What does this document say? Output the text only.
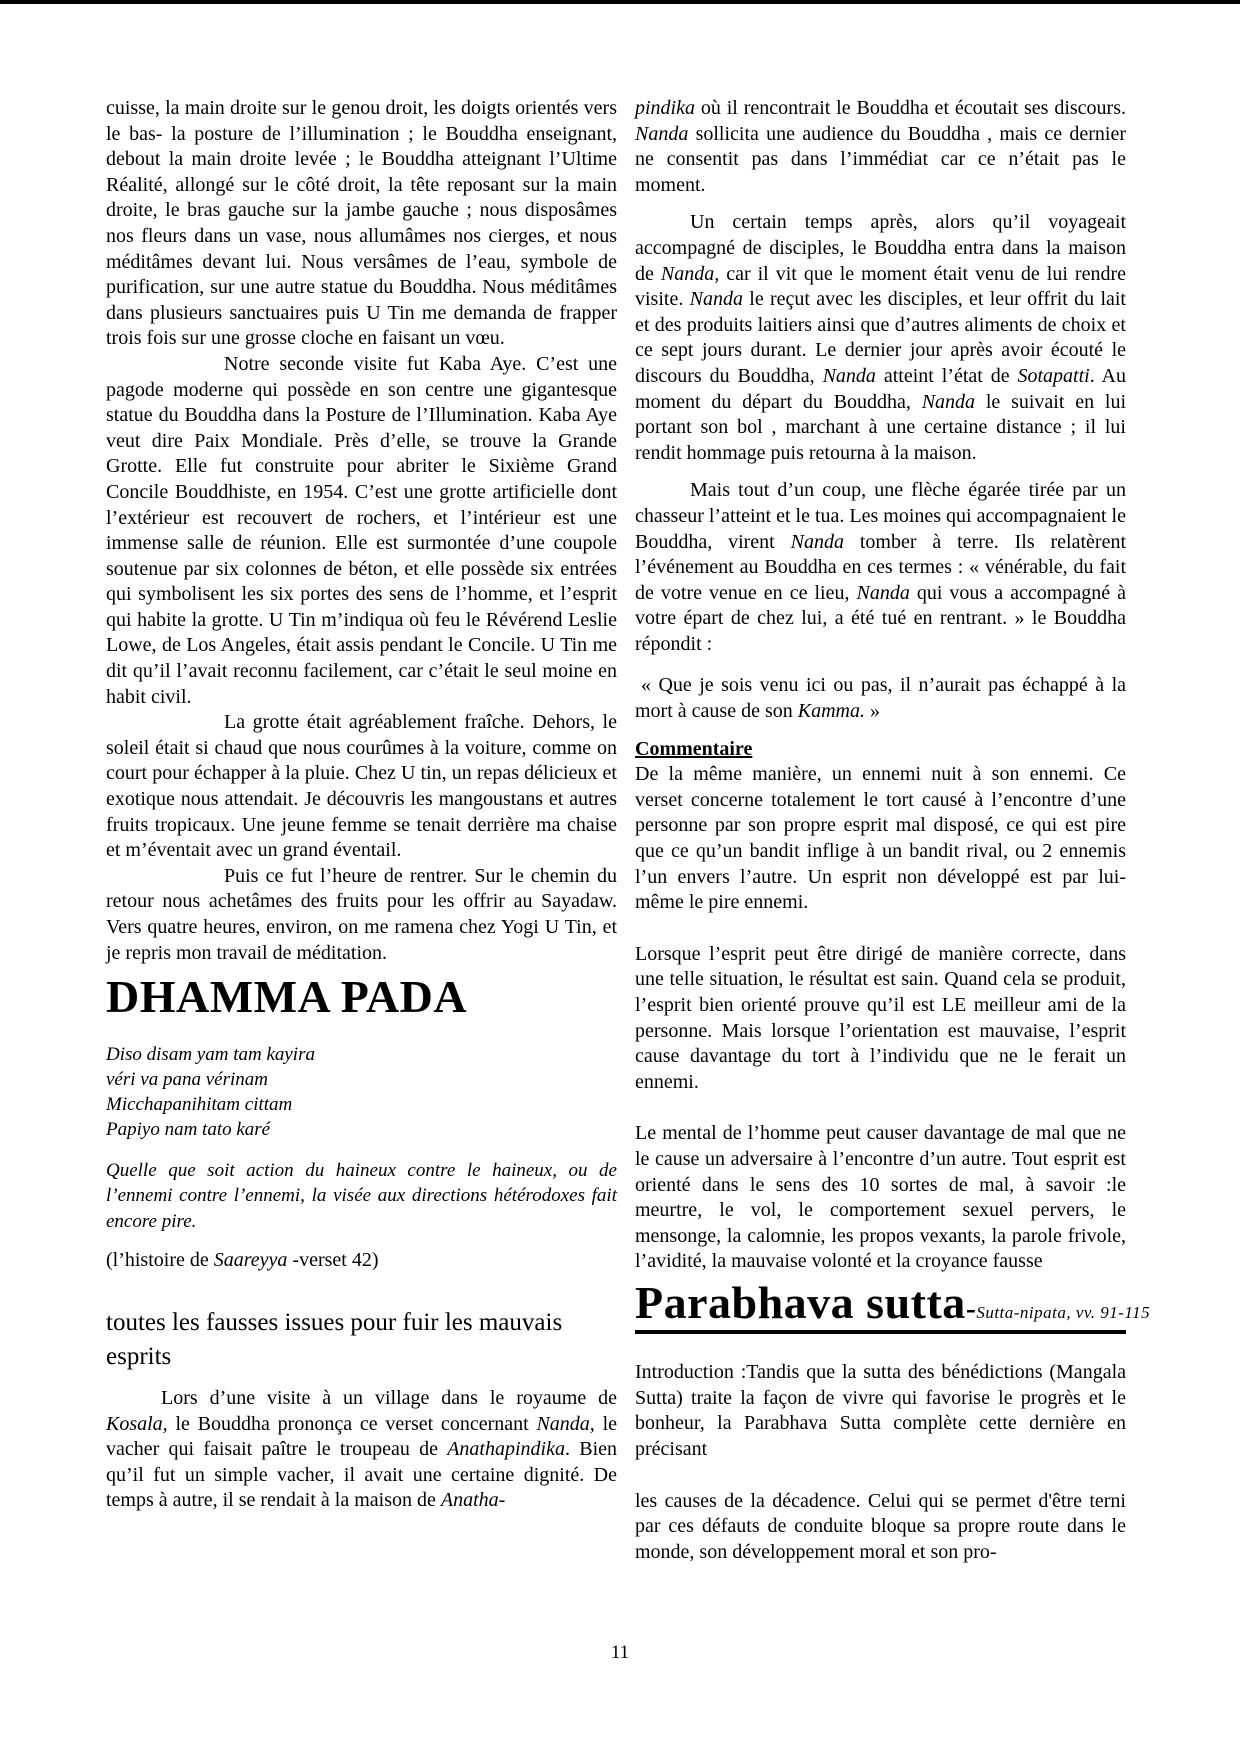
cuisse, la main droite sur le genou droit, les doigts orientés vers le bas- la posture de l’illumination ; le Bouddha enseignant, debout la main droite levée ; le Bouddha atteignant l’Ultime Réalité, allongé sur le côté droit, la tête reposant sur la main droite, le bras gauche sur la jambe gauche ; nous disposâmes nos fleurs dans un vase, nous allumâmes nos cierges, et nous méditâmes devant lui. Nous versâmes de l’eau, symbole de purification, sur une autre statue du Bouddha. Nous méditâmes dans plusieurs sanctuaires puis U Tin me demanda de frapper trois fois sur une grosse cloche en faisant un vœu.

Notre seconde visite fut Kaba Aye. C’est une pagode moderne qui possède en son centre une gigantesque statue du Bouddha dans la Posture de l’Illumination. Kaba Aye veut dire Paix Mondiale. Près d’elle, se trouve la Grande Grotte. Elle fut construite pour abriter le Sixième Grand Concile Bouddhiste, en 1954. C’est une grotte artificielle dont l’extérieur est recouvert de rochers, et l’intérieur est une immense salle de réunion. Elle est surmontée d’une coupole soutenue par six colonnes de béton, et elle possède six entrées qui symbolisent les six portes des sens de l’homme, et l’esprit qui habite la grotte. U Tin m’indiqua où feu le Révérend Leslie Lowe, de Los Angeles, était assis pendant le Concile. U Tin me dit qu’il l’avait reconnu facilement, car c’était le seul moine en habit civil.

La grotte était agréablement fraîche. Dehors, le soleil était si chaud que nous courûmes à la voiture, comme on court pour échapper à la pluie. Chez U tin, un repas délicieux et exotique nous attendait. Je découvris les mangoustans et autres fruits tropicaux. Une jeune femme se tenait derrière ma chaise et m’éventait avec un grand éventail.

Puis ce fut l’heure de rentrer. Sur le chemin du retour nous achetâmes des fruits pour les offrir au Sayadaw. Vers quatre heures, environ, on me ramena chez Yogi U Tin, et je repris mon travail de méditation.

DHAMMA PADA
Diso disam yam tam kayira
véri va pana vérinam
Micchapanihitam cittam
Papiyo nam tato karé

Quelle que soit action du haineux contre le haineux, ou de l’ennemi contre l’ennemi, la visée aux directions hétérodoxes fait encore pire.

(l’histoire de Saareyya -verset 42)

toutes les fausses issues pour fuir les mauvais esprits

Lors d’une visite à un village dans le royaume de Kosala, le Bouddha prononça ce verset concernant Nanda, le vacher qui faisait paître le troupeau de Anathapindika. Bien qu’il fut un simple vacher, il avait une certaine dignité. De temps à autre, il se rendait à la maison de Anatha-

pindika où il rencontrait le Bouddha et écoutait ses discours. Nanda sollicita une audience du Bouddha , mais ce dernier ne consentit pas dans l’immédiat car ce n’était pas le moment.

Un certain temps après, alors qu’il voyageait accompagné de disciples, le Bouddha entra dans la maison de Nanda, car il vit que le moment était venu de lui rendre visite. Nanda le reçut avec les disciples, et leur offrit du lait et des produits laitiers ainsi que d’autres aliments de choix et ce sept jours durant. Le dernier jour après avoir écouté le discours du Bouddha, Nanda atteint l’état de Sotapatti. Au moment du départ du Bouddha, Nanda le suivait en lui portant son bol , marchant à une certaine distance ; il lui rendit hommage puis retourna à la maison.

Mais tout d’un coup, une flèche égarée tirée par un chasseur l’atteint et le tua. Les moines qui accompagnaient le Bouddha, virent Nanda tomber à terre. Ils relatèrent l’événement au Bouddha en ces termes : « vénérable, du fait de votre venue en ce lieu, Nanda qui vous a accompagné à votre épart de chez lui, a été tué en rentrant. » le Bouddha répondit :

« Que je sois venu ici ou pas, il n’aurait pas échappé à la mort à cause de son Kamma. »

Commentaire

De la même manière, un ennemi nuit à son ennemi. Ce verset concerne totalement le tort causé à l’encontre d’une personne par son propre esprit mal disposé, ce qui est pire que ce qu’un bandit inflige à un bandit rival, ou 2 ennemis l’un envers l’autre. Un esprit non développé est par lui-même le pire ennemi.

Lorsque l’esprit peut être dirigé de manière correcte, dans une telle situation, le résultat est sain. Quand cela se produit, l’esprit bien orienté prouve qu’il est LE meilleur ami de la personne. Mais lorsque l’orientation est mauvaise, l’esprit cause davantage du tort à l’individu que ne le ferait un ennemi.

Le mental de l’homme peut causer davantage de mal que ne le cause un adversaire à l’encontre d’un autre. Tout esprit est orienté dans le sens des 10 sortes de mal, à savoir :le meurtre, le vol, le comportement sexuel pervers, le mensonge, la calomnie, les propos vexants, la parole frivole, l’avidité, la mauvaise volonté et la croyance fausse

Parabhava sutta-Sutta-nipata, vv. 91-115

Introduction :Tandis que la sutta des bénédictions (Mangala Sutta) traite la façon de vivre qui favorise le progrès et le bonheur, la Parabhava Sutta complète cette dernière en précisant

les causes de la décadence. Celui qui se permet d'être terni par ces défauts de conduite bloque sa propre route dans le monde, son développement moral et son pro-

11
